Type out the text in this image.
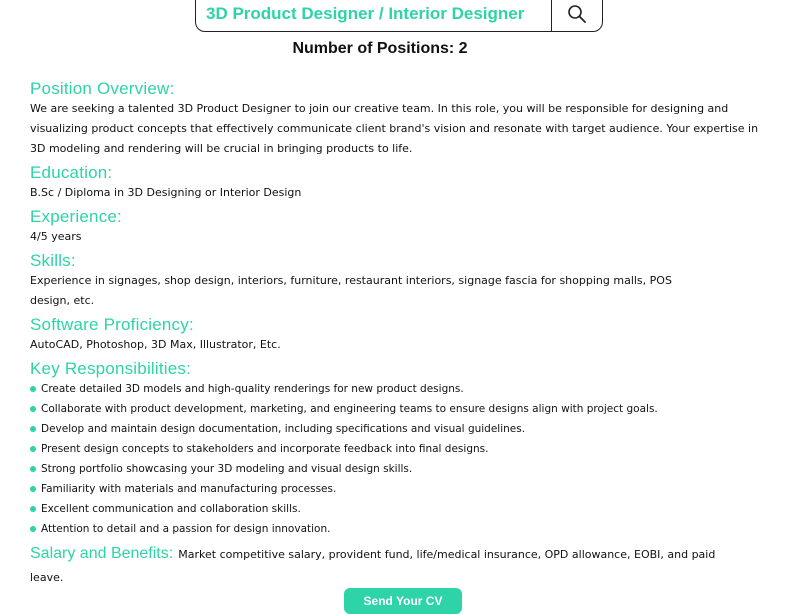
3D Product Designer / Interior Designer
Number of Positions: 2
Position Overview:

We are seeking a talented 3D Product Designer to join our creative team. In this role, you will be responsible for designing and visualizing product concepts that effectively communicate client brand's vision and resonate with target audience. Your expertise in 3D modeling and rendering will be crucial in bringing products to life.

Education:

B.Sc / Diploma in 3D Designing or Interior Design

Experience:

4/5 years

Skills:

Experience in signages, shop design, interiors, furniture, restaurant interiors, signage fascia for shopping malls, POS design, etc.

Software Proficiency:

AutoCAD, Photoshop, 3D Max, Illustrator, Etc.

Key Responsibilities:
Create detailed 3D models and high-quality renderings for new product designs.
Collaborate with product development, marketing, and engineering teams to ensure designs align with project goals.
Develop and maintain design documentation, including specifications and visual guidelines.
Present design concepts to stakeholders and incorporate feedback into final designs.
Strong portfolio showcasing your 3D modeling and visual design skills.
Familiarity with materials and manufacturing processes.
Excellent communication and collaboration skills.
Attention to detail and a passion for design innovation.

Salary and Benefits: Market competitive salary, provident fund, life/medical insurance, OPD allowance, EOBI, and paid leave.

Send Your CV
